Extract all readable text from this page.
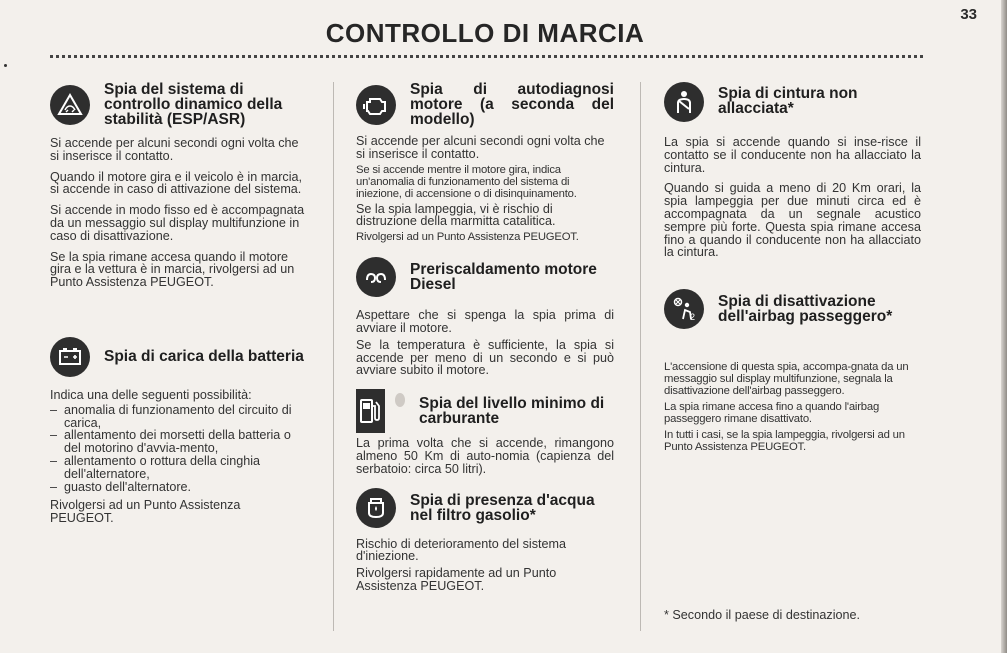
33
CONTROLLO DI MARCIA
Spia del sistema di controllo dinamico della stabilità (ESP/ASR)
Si accende per alcuni secondi ogni volta che si inserisce il contatto.
Quando il motore gira e il veicolo è in marcia, si accende in caso di attivazione del sistema.
Si accende in modo fisso ed è accompagnata da un messaggio sul display multifunzione in caso di disattivazione.
Se la spia rimane accesa quando il motore gira e la vettura è in marcia, rivolgersi ad un Punto Assistenza PEUGEOT.
Spia di carica della batteria
Indica una delle seguenti possibilità:
– anomalia di funzionamento del circuito di carica,
– allentamento dei morsetti della batteria o del motorino d'avvia-mento,
– allentamento o rottura della cinghia dell'alternatore,
– guasto dell'alternatore.
Rivolgersi ad un Punto Assistenza PEUGEOT.
Spia di autodiagnosi motore (a seconda del modello)
Si accende per alcuni secondi ogni volta che si inserisce il contatto.
Se si accende mentre il motore gira, indica un'anomalia di funzionamento del sistema di iniezione, di accensione o di disinquinamento.
Se la spia lampeggia, vi è rischio di distruzione della marmitta catalitica.
Rivolgersi ad un Punto Assistenza PEUGEOT.
Preriscaldamento motore Diesel
Aspettare che si spenga la spia prima di avviare il motore.
Se la temperatura è sufficiente, la spia si accende per meno di un secondo e si può avviare subito il motore.
Spia del livello minimo di carburante
La prima volta che si accende, rimangono almeno 50 Km di auto-nomia (capienza del serbatoio: circa 50 litri).
Spia di presenza d'acqua nel filtro gasolio*
Rischio di deterioramento del sistema d'iniezione.
Rivolgersi rapidamente ad un Punto Assistenza PEUGEOT.
Spia di cintura non allacciata*
La spia si accende quando si inse-risce il contatto se il conducente non ha allacciato la cintura.
Quando si guida a meno di 20 Km orari, la spia lampeggia per due minuti circa ed è accompagnata da un segnale acustico sempre più forte. Questa spia rimane accesa fino a quando il conducente non ha allacciato la cintura.
2
Spia di disattivazione dell'airbag passeggero*
L'accensione di questa spia, accompa-gnata da un messaggio sul display multifunzione, segnala la disattivazione dell'airbag passeggero.
La spia rimane accesa fino a quando l'airbag passeggero rimane disattivato.
In tutti i casi, se la spia lampeggia, rivolgersi ad un Punto Assistenza PEUGEOT.
* Secondo il paese di destinazione.
